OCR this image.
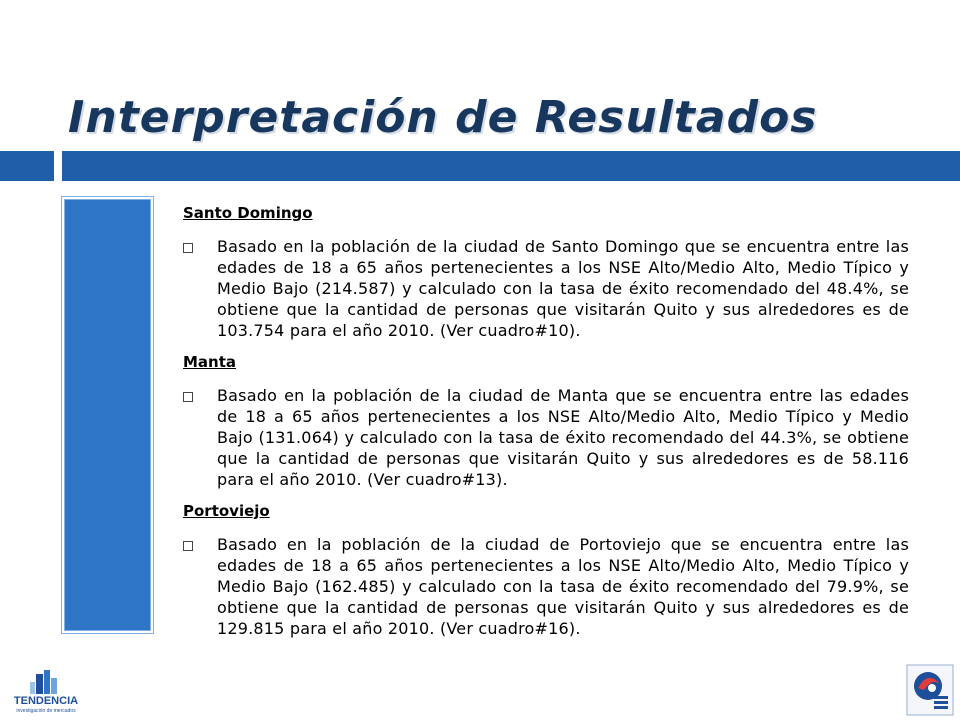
Interpretación de Resultados

Santo Domingo

Basado en la población de la ciudad de Santo Domingo que se encuentra entre las edades de 18 a 65 años pertenecientes a los NSE Alto/Medio Alto, Medio Típico y Medio Bajo (214.587) y calculado con la tasa de éxito recomendado del 48.4%, se obtiene que la cantidad de personas que visitarán Quito y sus alrededores es de 103.754 para el año 2010. (Ver cuadro#10).

Manta

Basado en la población de la ciudad de Manta que se encuentra entre las edades de 18 a 65 años pertenecientes a los NSE Alto/Medio Alto, Medio Típico y Medio Bajo (131.064) y calculado con la tasa de éxito recomendado del 44.3%, se obtiene que la cantidad de personas que visitarán Quito y sus alrededores es de 58.116 para el año 2010. (Ver cuadro#13).

Portoviejo

Basado en la población de la ciudad de Portoviejo que se encuentra entre las edades de 18 a 65 años pertenecientes a los NSE Alto/Medio Alto, Medio Típico y Medio Bajo (162.485) y calculado con la tasa de éxito recomendado del 79.9%, se obtiene que la cantidad de personas que visitarán Quito y sus alrededores es de 129.815 para el año 2010. (Ver cuadro#16).
TENDENCIA
investigación de mercados
